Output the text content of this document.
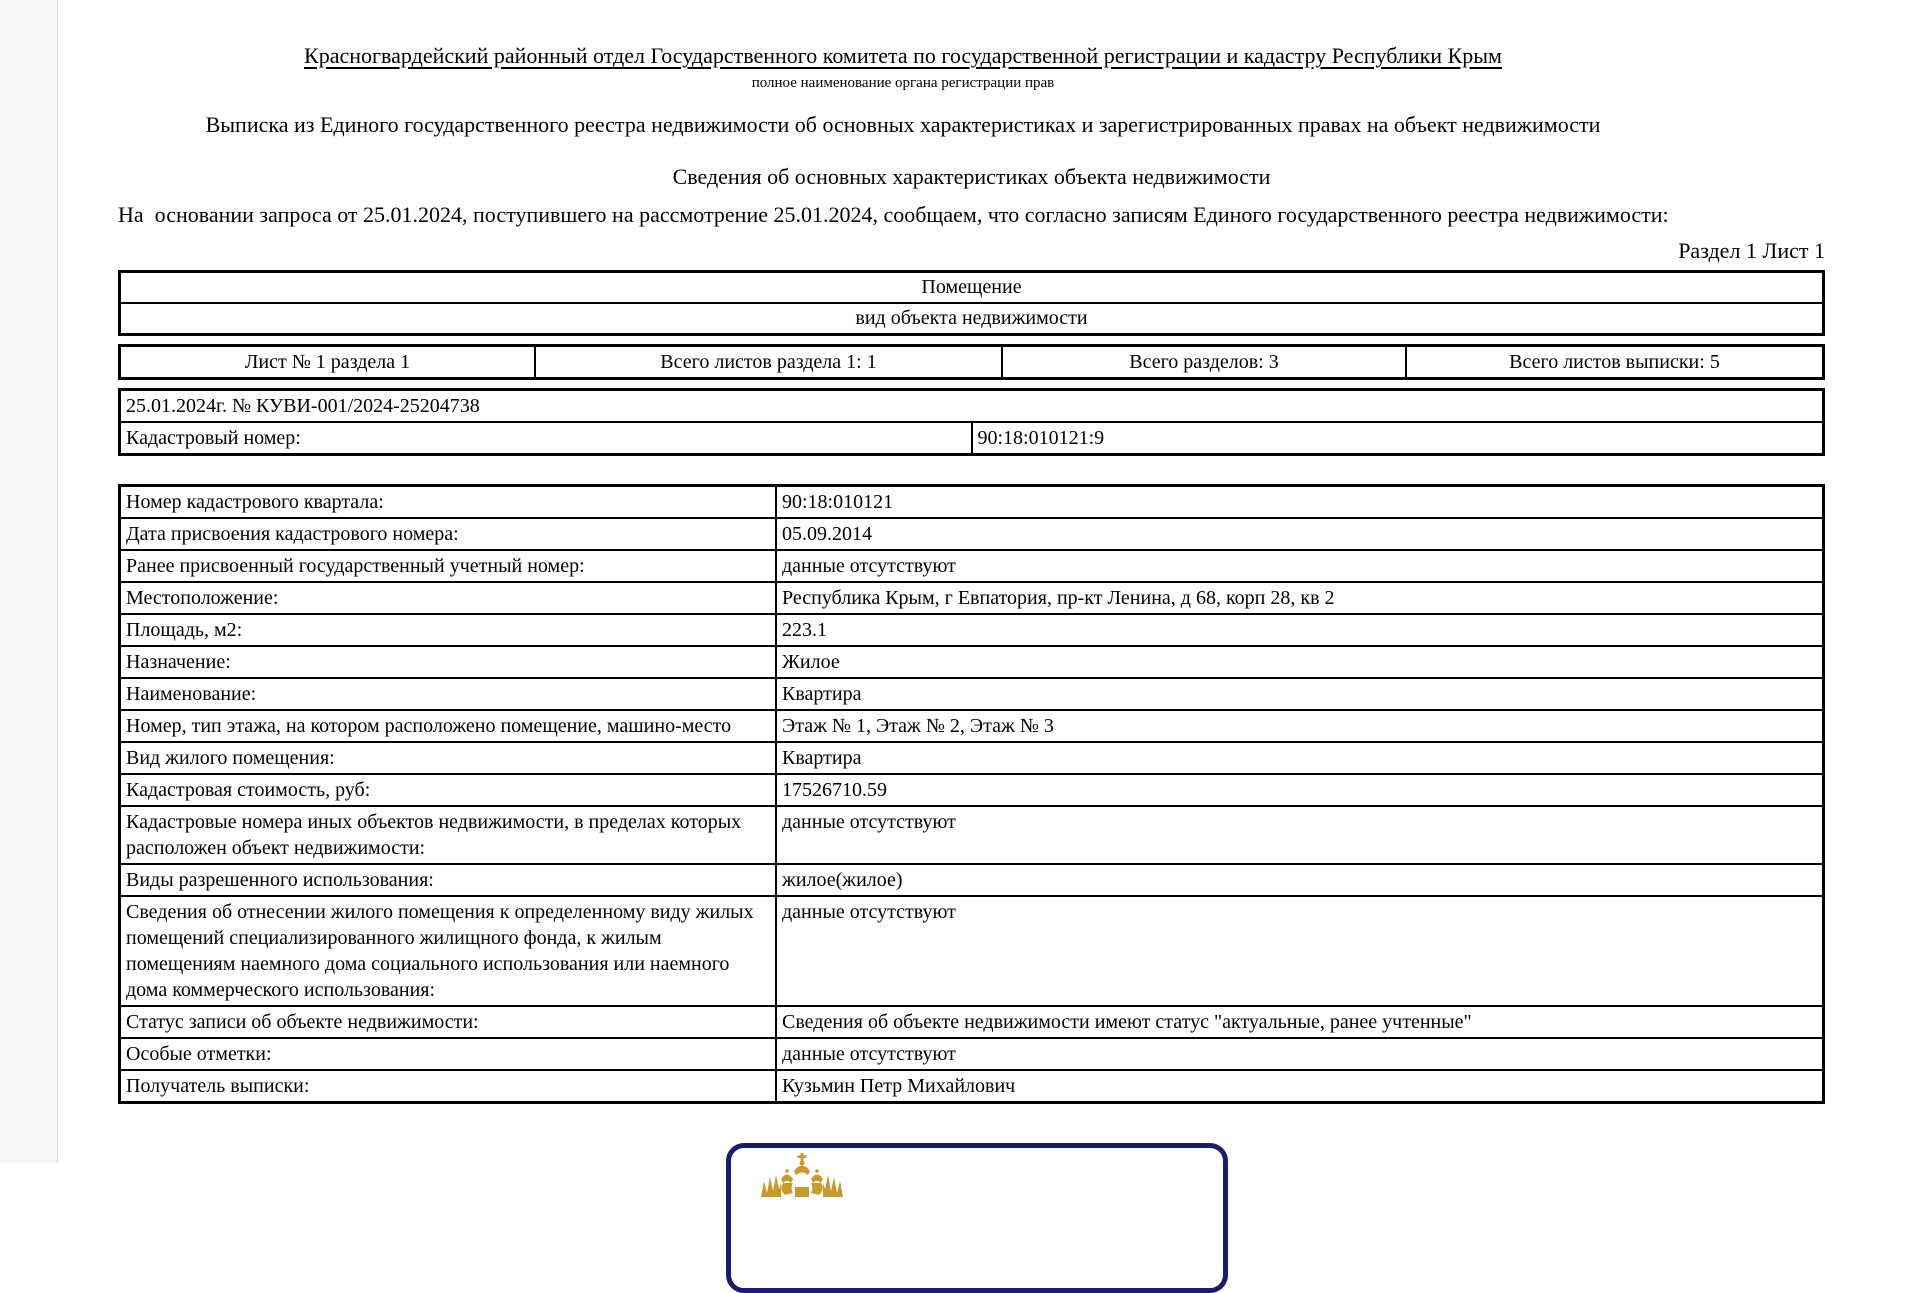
Красногвардейский районный отдел Государственного комитета по государственной регистрации и кадастру Республики Крым
полное наименование органа регистрации прав
Выписка из Единого государственного реестра недвижимости об основных характеристиках и зарегистрированных правах на объект недвижимости
Сведения об основных характеристиках объекта недвижимости
На  основании запроса от 25.01.2024, поступившего на рассмотрение 25.01.2024, сообщаем, что согласно записям Единого государственного реестра недвижимости:
Раздел 1 Лист 1
Помещение
вид объекта недвижимости
Лист № 1 раздела 1	Всего листов раздела 1: 1	Всего разделов: 3	Всего листов выписки: 5
25.01.2024г. № КУВИ-001/2024-25204738
Кадастровый номер:	90:18:010121:9
Номер кадастрового квартала:	90:18:010121
Дата присвоения кадастрового номера:	05.09.2014
Ранее присвоенный государственный учетный номер:	данные отсутствуют
Местоположение:	Республика Крым, г Евпатория, пр-кт Ленина, д 68, корп 28, кв 2
Площадь, м2:	223.1
Назначение:	Жилое
Наименование:	Квартира
Номер, тип этажа, на котором расположено помещение, машино-место	Этаж № 1, Этаж № 2, Этаж № 3
Вид жилого помещения:	Квартира
Кадастровая стоимость, руб:	17526710.59
Кадастровые номера иных объектов недвижимости, в пределах которых расположен объект недвижимости:	данные отсутствуют
Виды разрешенного использования:	жилое(жилое)
Сведения об отнесении жилого помещения к определенному виду жилых помещений специализированного жилищного фонда, к жилым помещениям наемного дома социального использования или наемного дома коммерческого использования:	данные отсутствуют
Статус записи об объекте недвижимости:	Сведения об объекте недвижимости имеют статус "актуальные, ранее учтенные"
Особые отметки:	данные отсутствуют
Получатель выписки:	Кузьмин Петр Михайлович
